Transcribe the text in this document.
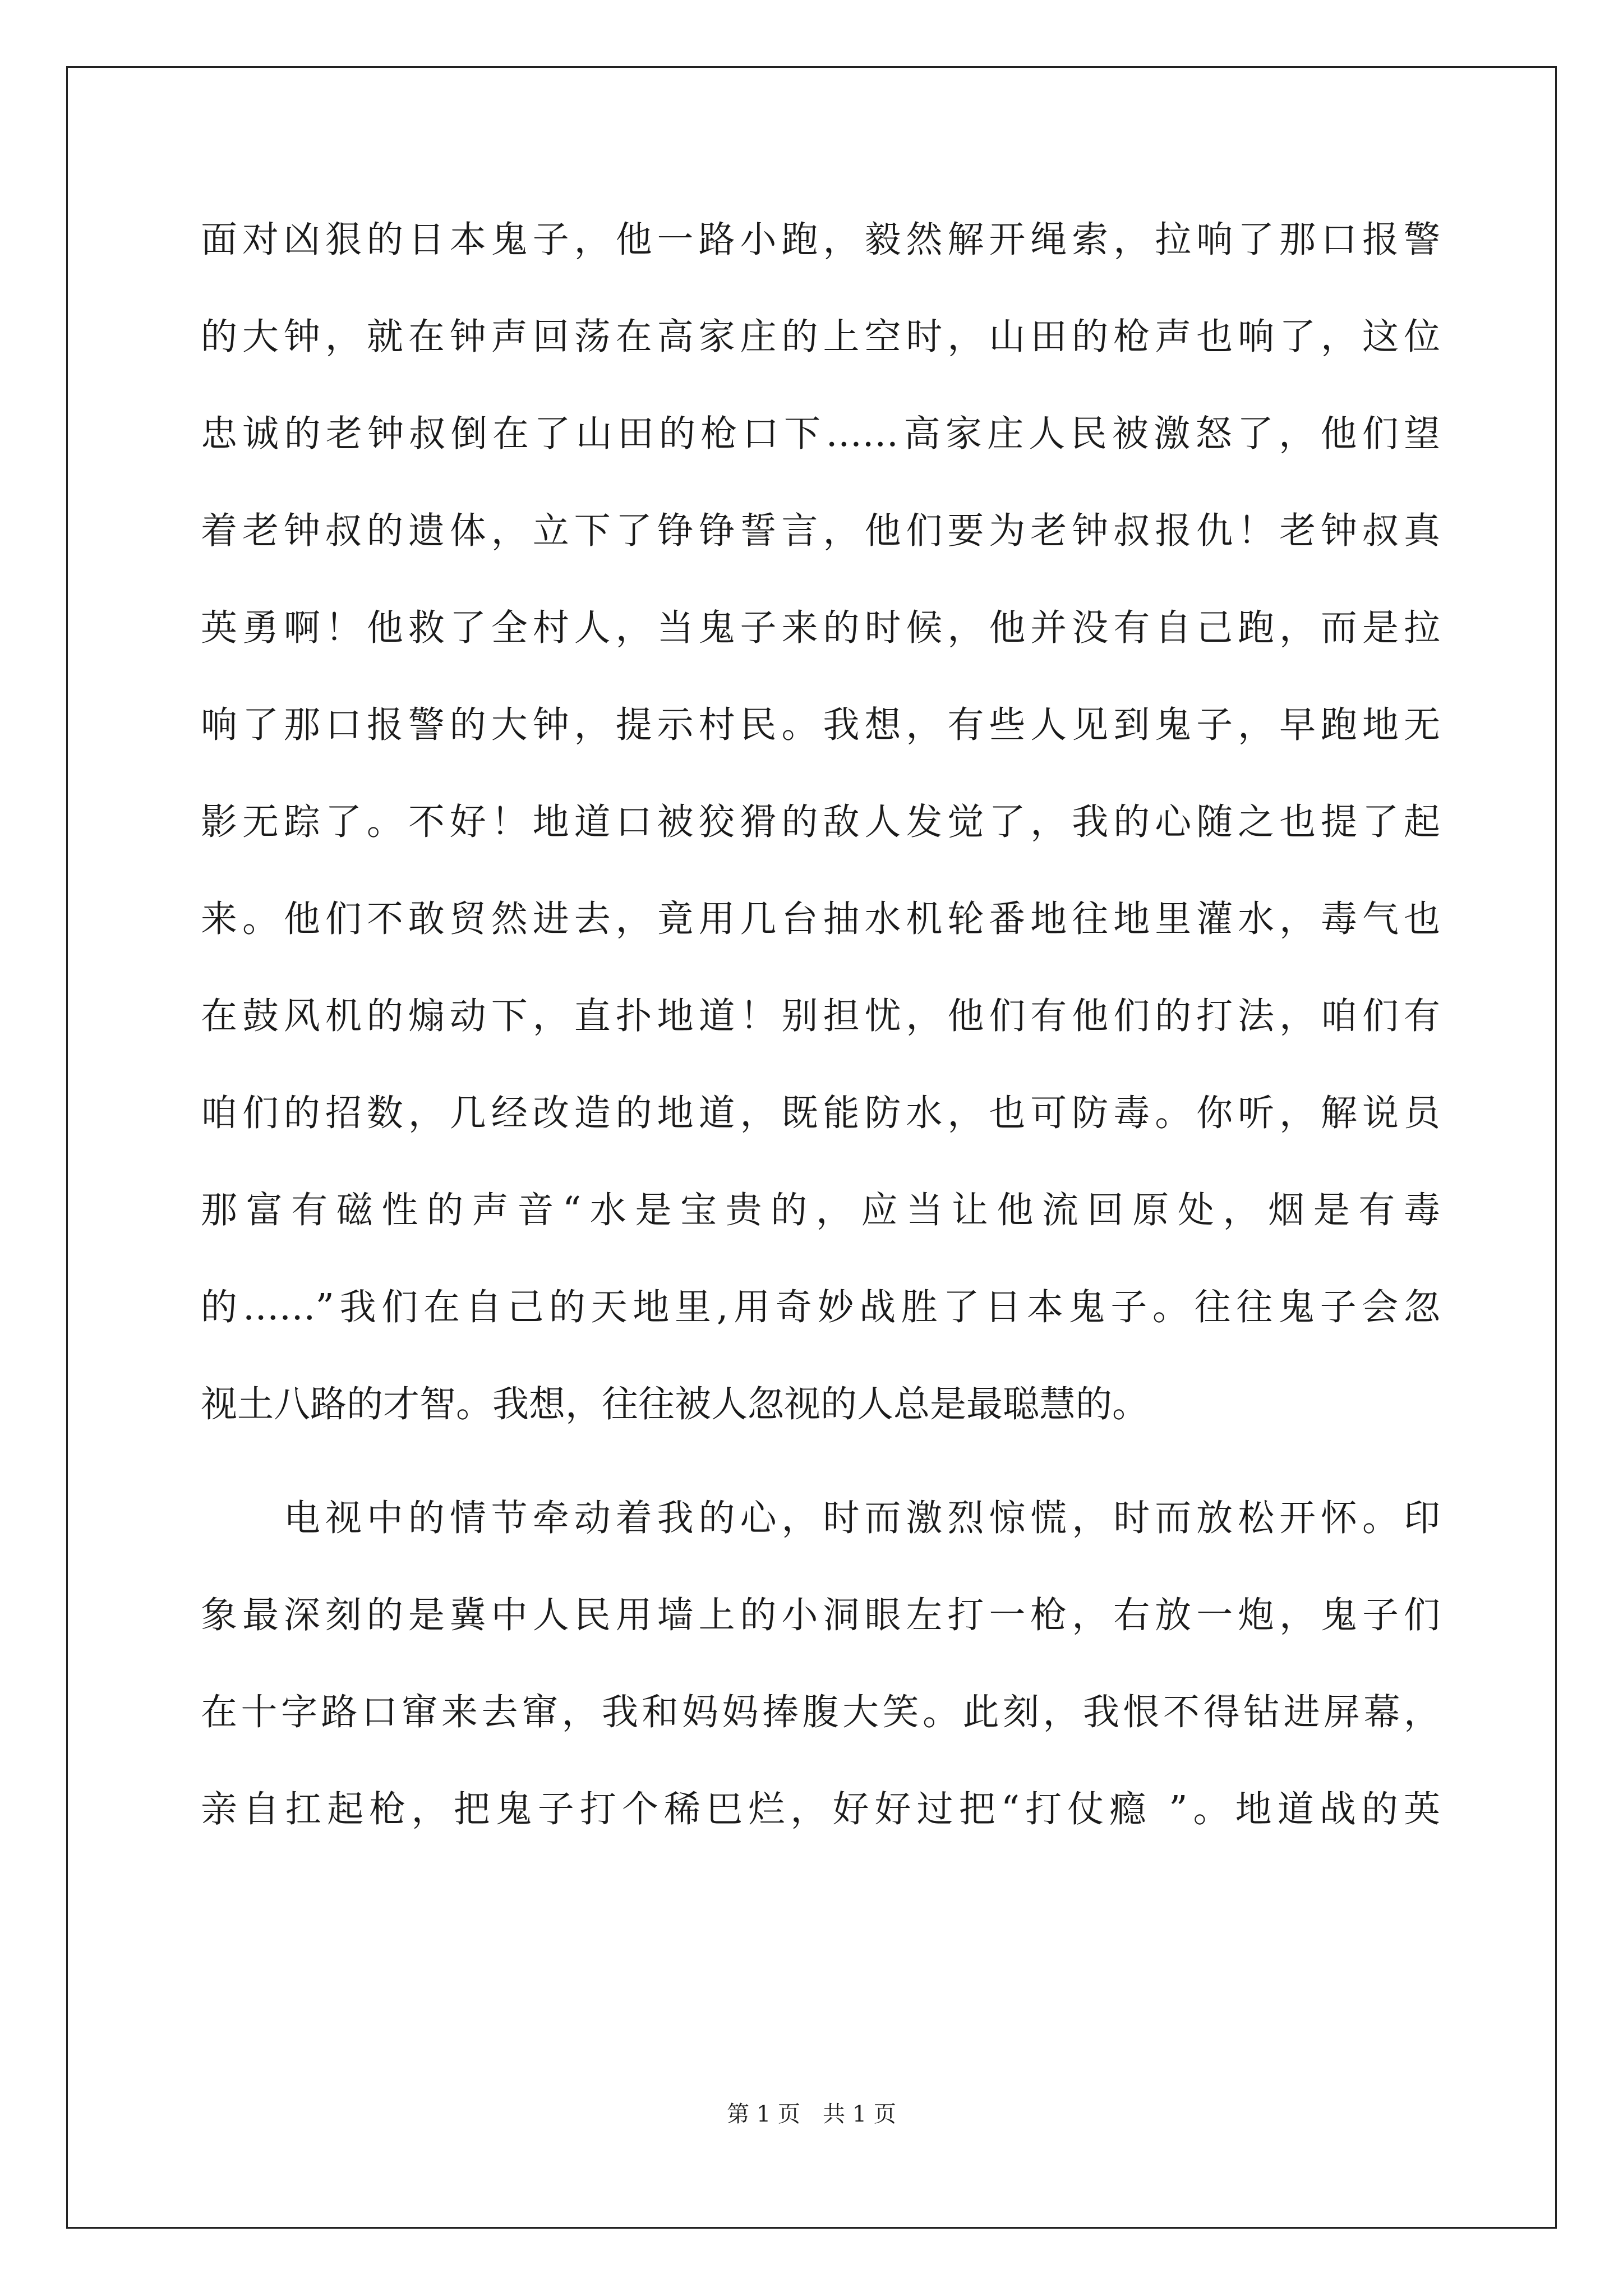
面对凶狠的日本鬼子，他一路小跑，毅然解开绳索，拉响了那口报警
的大钟，就在钟声回荡在高家庄的上空时，山田的枪声也响了，这位
忠诚的老钟叔倒在了山田的枪口下……高家庄人民被激怒了，他们望
着老钟叔的遗体，立下了铮铮誓言，他们要为老钟叔报仇！老钟叔真
英勇啊！他救了全村人，当鬼子来的时候，他并没有自己跑，而是拉
响了那口报警的大钟，提示村民。我想，有些人见到鬼子，早跑地无
影无踪了。不好！地道口被狡猾的敌人发觉了，我的心随之也提了起
来。他们不敢贸然进去，竟用几台抽水机轮番地往地里灌水，毒气也
在鼓风机的煽动下，直扑地道！别担忧，他们有他们的打法，咱们有
咱们的招数，几经改造的地道，既能防水，也可防毒。你听，解说员
那富有磁性的声音“水是宝贵的，应当让他流回原处，烟是有毒
的……”我们在自己的天地里,用奇妙战胜了日本鬼子。往往鬼子会忽
视土八路的才智。我想，往往被人忽视的人总是最聪慧的。
电视中的情节牵动着我的心，时而激烈惊慌，时而放松开怀。印
象最深刻的是冀中人民用墙上的小洞眼左打一枪，右放一炮，鬼子们
在十字路口窜来去窜，我和妈妈捧腹大笑。此刻，我恨不得钻进屏幕，
亲自扛起枪，把鬼子打个稀巴烂，好好过把“打仗瘾 ”。地道战的英
第 1 页　共 1 页
